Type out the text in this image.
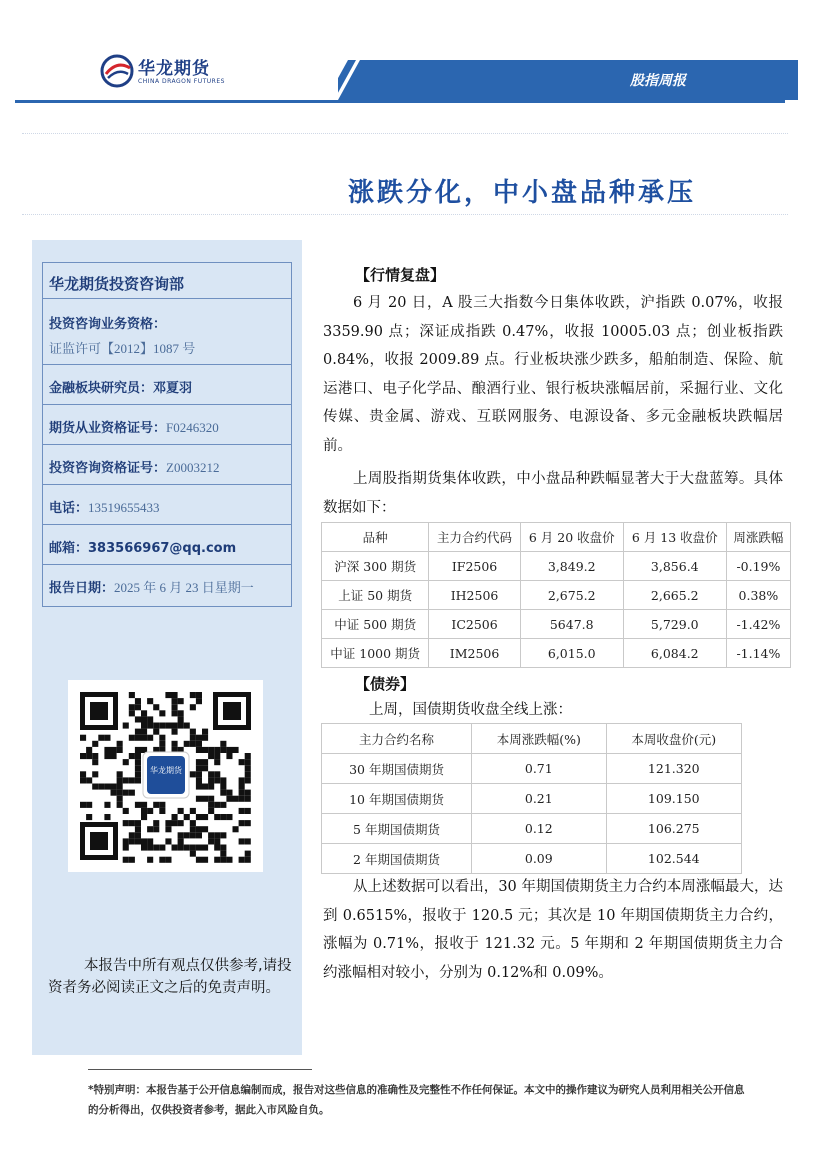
华龙期货
CHINA DRAGON FUTURES	股指周报
涨跌分化，中小盘品种承压
华龙期货投资咨询部
投资咨询业务资格：
证监许可【2012】1087 号
金融板块研究员：邓夏羽
期货从业资格证号：F0246320
投资咨询资格证号：Z0003212
电话：13519655433
邮箱：383566967@qq.com
报告日期：2025 年 6 月 23 日星期一
华龙期货
本报告中所有观点仅供参考,请投资者务必阅读正文之后的免责声明。
【行情复盘】
6 月 20 日，A 股三大指数今日集体收跌，沪指跌 0.07%，收报 3359.90 点；深证成指跌 0.47%，收报 10005.03 点；创业板指跌 0.84%，收报 2009.89 点。行业板块涨少跌多，船舶制造、保险、航运港口、电子化学品、酿酒行业、银行板块涨幅居前，采掘行业、文化传媒、贵金属、游戏、互联网服务、电源设备、多元金融板块跌幅居前。
上周股指期货集体收跌，中小盘品种跌幅显著大于大盘蓝筹。具体数据如下：
品种	主力合约代码	6 月 20 收盘价	6 月 13 收盘价	周涨跌幅
沪深 300 期货	IF2506	3,849.2	3,856.4	-0.19%
上证 50 期货	IH2506	2,675.2	2,665.2	0.38%
中证 500 期货	IC2506	5647.8	5,729.0	-1.42%
中证 1000 期货	IM2506	6,015.0	6,084.2	-1.14%
【债券】
上周，国债期货收盘全线上涨：
主力合约名称	本周涨跌幅(%)	本周收盘价(元)
30 年期国债期货	0.71	121.320
10 年期国债期货	0.21	109.150
5 年期国债期货	0.12	106.275
2 年期国债期货	0.09	102.544
从上述数据可以看出，30 年期国债期货主力合约本周涨幅最大，达到 0.6515%，报收于 120.5 元；其次是 10 年期国债期货主力合约，涨幅为 0.71%，报收于 121.32 元。5 年期和 2 年期国债期货主力合约涨幅相对较小，分别为 0.12%和 0.09%。
*特别声明：本报告基于公开信息编制而成，报告对这些信息的准确性及完整性不作任何保证。本文中的操作建议为研究人员利用相关公开信息的分析得出，仅供投资者参考，据此入市风险自负。
